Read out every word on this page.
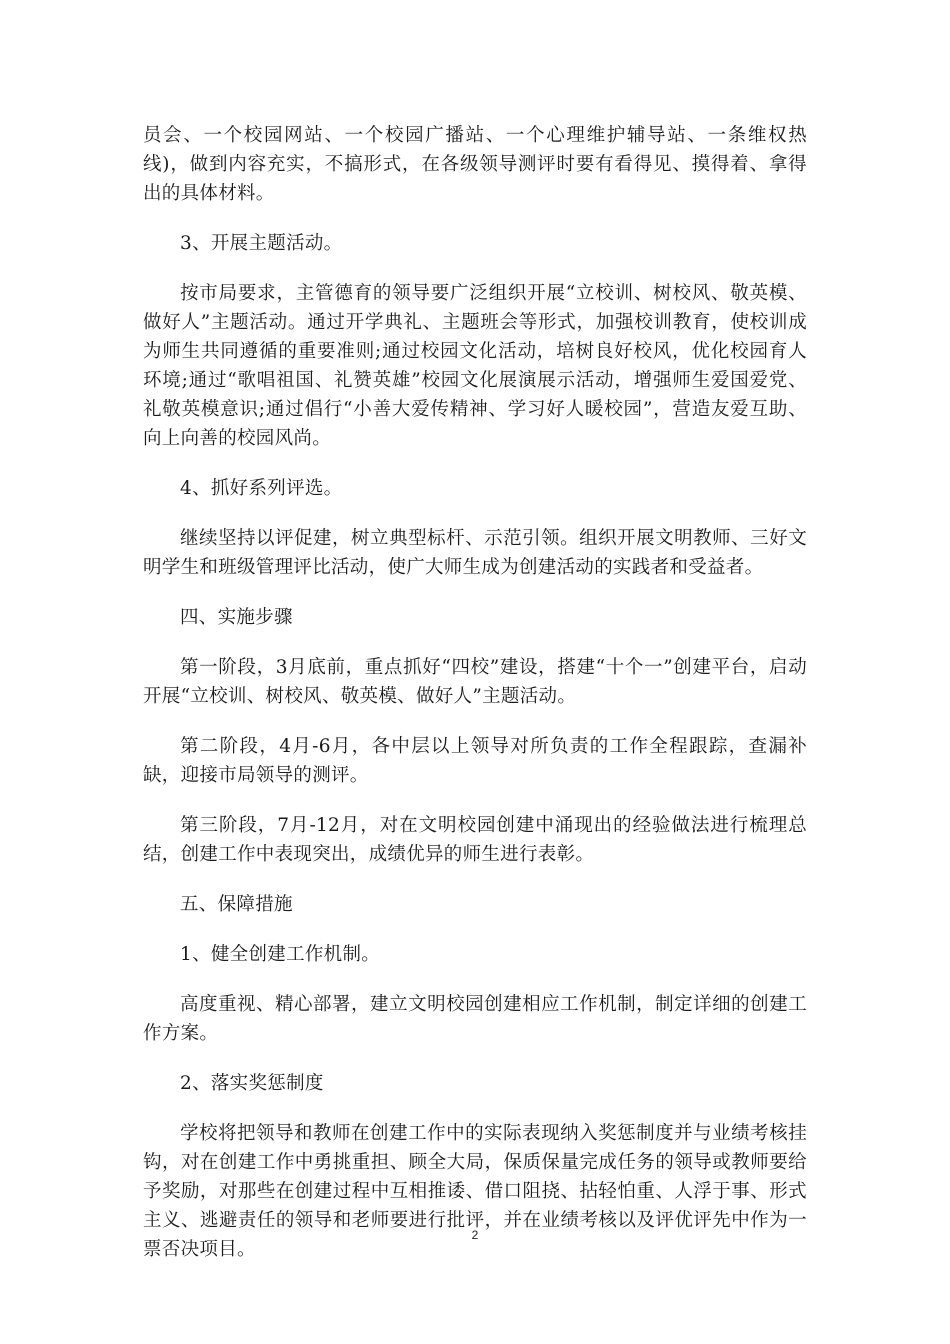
员会、一个校园网站、一个校园广播站、一个心理维护辅导站、一条维权热线)，做到内容充实，不搞形式，在各级领导测评时要有看得见、摸得着、拿得出的具体材料。

3、开展主题活动。

按市局要求，主管德育的领导要广泛组织开展“立校训、树校风、敬英模、做好人”主题活动。通过开学典礼、主题班会等形式，加强校训教育，使校训成为师生共同遵循的重要准则;通过校园文化活动，培树良好校风，优化校园育人环境;通过“歌唱祖国、礼赞英雄”校园文化展演展示活动，增强师生爱国爱党、礼敬英模意识;通过倡行“小善大爱传精神、学习好人暖校园”，营造友爱互助、向上向善的校园风尚。

4、抓好系列评选。

继续坚持以评促建，树立典型标杆、示范引领。组织开展文明教师、三好文明学生和班级管理评比活动，使广大师生成为创建活动的实践者和受益者。

四、实施步骤

第一阶段，3月底前，重点抓好“四校”建设，搭建“十个一”创建平台，启动开展“立校训、树校风、敬英模、做好人”主题活动。

第二阶段，4月-6月，各中层以上领导对所负责的工作全程跟踪，查漏补缺，迎接市局领导的测评。

第三阶段，7月-12月，对在文明校园创建中涌现出的经验做法进行梳理总结，创建工作中表现突出，成绩优异的师生进行表彰。

五、保障措施

1、健全创建工作机制。

高度重视、精心部署，建立文明校园创建相应工作机制，制定详细的创建工作方案。

2、落实奖惩制度

学校将把领导和教师在创建工作中的实际表现纳入奖惩制度并与业绩考核挂钩，对在创建工作中勇挑重担、顾全大局，保质保量完成任务的领导或教师要给予奖励，对那些在创建过程中互相推诿、借口阻挠、拈轻怕重、人浮于事、形式主义、逃避责任的领导和老师要进行批评，并在业绩考核以及评优评先中作为一票否决项目。

2
